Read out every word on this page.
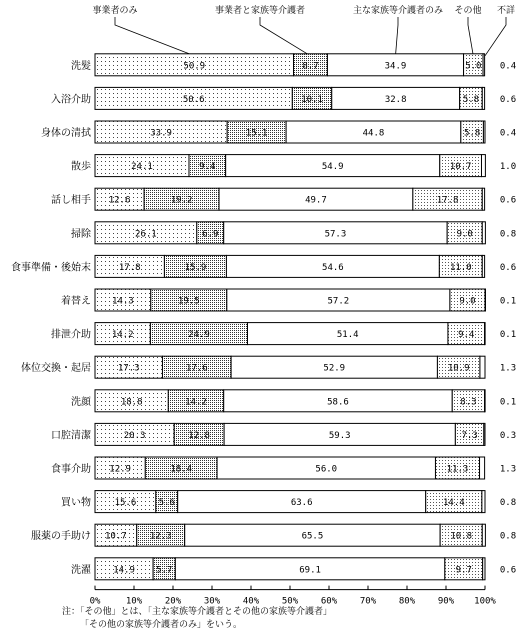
事業者のみ	事業者と家族等介護者	主な家族等介護者のみ その他 不詳
洗髪	50.9	8.7	34.9	5.0 0.4
入浴介助	50.6	10.1	32.8	5.8 0.6
身体の清拭	33.9	15.1	44.8	5.8 0.4
散歩	24.1	9.4	54.9	10.7	1.0
話し相手 12.6	19.2	49.7	17.8	0.6
掃除	26.1	6.9	57.3	9.0	0.8
食事準備・後始末	17.8	15.9	54.6	11.0	0.6
着替え 14.3	19.5	57.2	9.0	0.1
排泄介助 14.2	24.9	51.4	9.4	0.1
体位交換・起居	17.3	17.6	52.9	10.9	1.3
洗顔	18.8	14.2	58.6	8.3	0.1
口腔清潔	20.3	12.8	59.3	7.3 0.3
食事介助 12.9	18.4	56.0	11.3	1.3
買い物	15.6 5.6	63.6	14.4	0.8
服薬の手助け 10.7	12.3	65.5	10.8	0.8
洗濯 14.9 5.7	69.1	9.7	0.6
0%	10%	20%	30%	40%	50%	60%	70%	80%	90% 100%
注：「その他」とは、「主な家族等介護者とその他の家族等介護者」
「その他の家族等介護者のみ」をいう。
